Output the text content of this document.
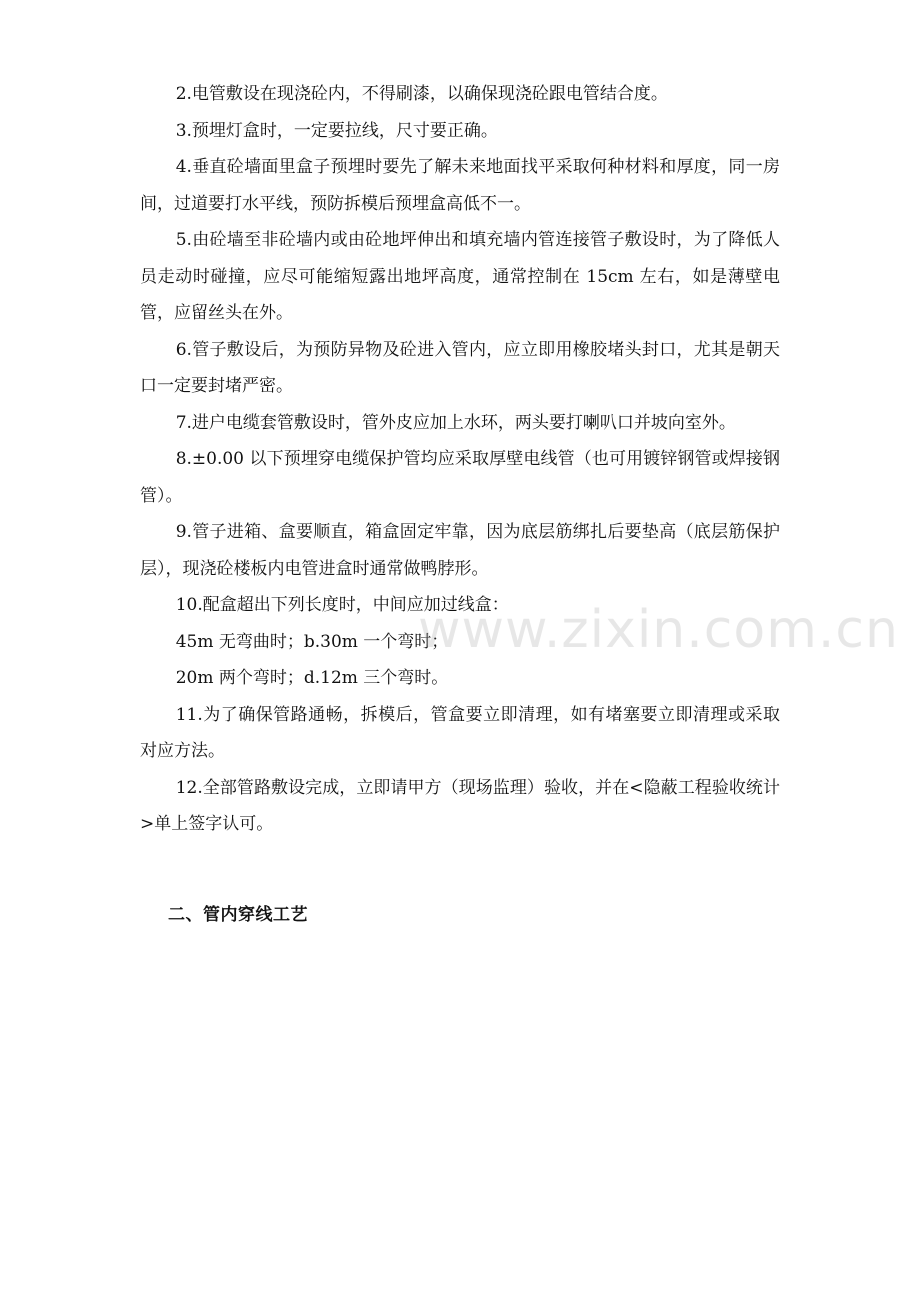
2.电管敷设在现浇砼内，不得刷漆，以确保现浇砼跟电管结合度。

3.预埋灯盒时，一定要拉线，尺寸要正确。

4.垂直砼墙面里盒子预埋时要先了解未来地面找平采取何种材料和厚度，同一房间，过道要打水平线，预防拆模后预埋盒高低不一。

5.由砼墙至非砼墙内或由砼地坪伸出和填充墙内管连接管子敷设时，为了降低人员走动时碰撞，应尽可能缩短露出地坪高度，通常控制在 15cm 左右，如是薄壁电管，应留丝头在外。

6.管子敷设后，为预防异物及砼进入管内，应立即用橡胶堵头封口，尤其是朝天口一定要封堵严密。

7.进户电缆套管敷设时，管外皮应加上水环，两头要打喇叭口并坡向室外。

8.±0.00 以下预埋穿电缆保护管均应采取厚壁电线管（也可用镀锌钢管或焊接钢管）。

9.管子进箱、盒要顺直，箱盒固定牢靠，因为底层筋绑扎后要垫高（底层筋保护层），现浇砼楼板内电管进盒时通常做鸭脖形。

10.配盒超出下列长度时，中间应加过线盒：

45m 无弯曲时；b.30m 一个弯时；

20m 两个弯时；d.12m 三个弯时。

11.为了确保管路通畅，拆模后，管盒要立即清理，如有堵塞要立即清理或采取对应方法。

12.全部管路敷设完成，立即请甲方（现场监理）验收，并在<隐蔽工程验收统计>单上签字认可。

二、管内穿线工艺
www.zixin.com.cn
